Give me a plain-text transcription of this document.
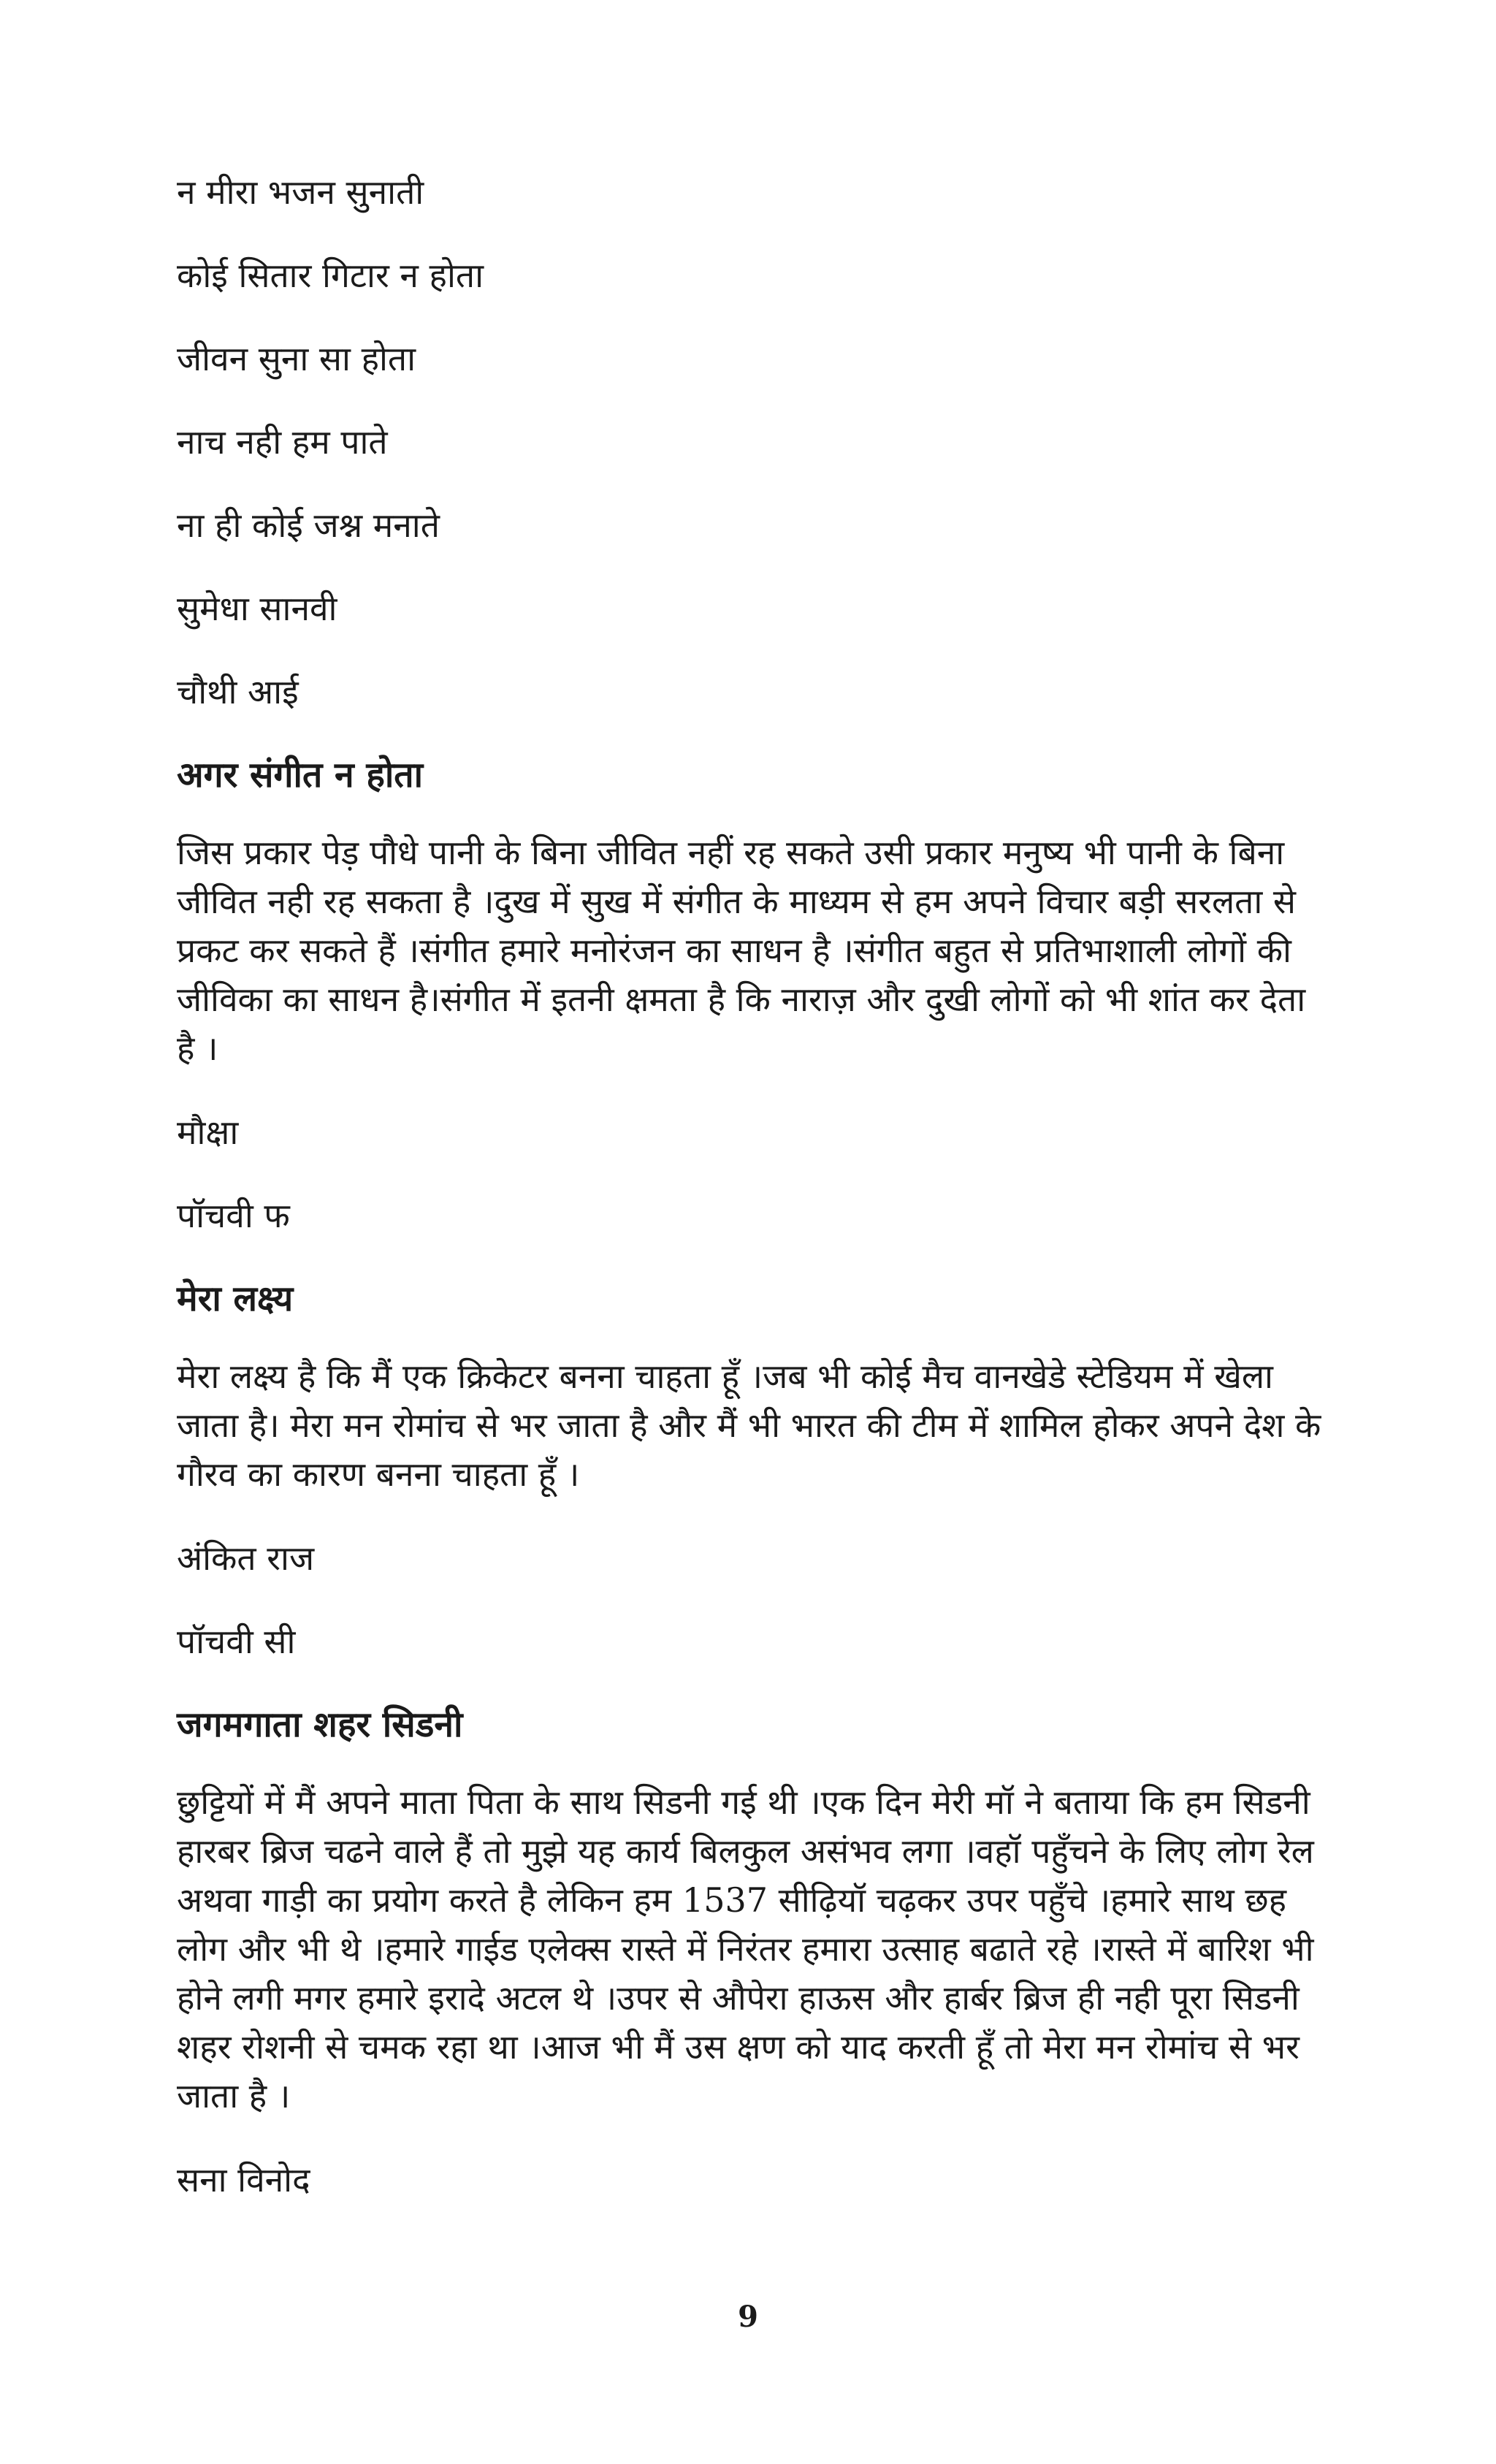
न मीरा भजन सुनाती
कोई सितार गिटार न होता
जीवन सुना सा होता
नाच नही हम पाते
ना ही कोई जश्न मनाते
सुमेधा सानवी
चौथी आई
अगर संगीत न होता
जिस प्रकार पेड़ पौधे पानी के बिना जीवित नहीं रह सकते उसी प्रकार मनुष्य भी पानी के बिना
जीवित नही रह सकता है ।दुख में सुख में संगीत के माध्यम से हम अपने विचार बड़ी सरलता से
प्रकट कर सकते हैं ।संगीत हमारे मनोरंजन का साधन है ।संगीत बहुत से प्रतिभाशाली लोगों की
जीविका का साधन है।संगीत में इतनी क्षमता है कि नाराज़ और दुखी लोगों को भी शांत कर देता
है ।
मौक्षा
पॉचवी फ
मेरा लक्ष्य
मेरा लक्ष्य है कि मैं एक क्रिकेटर बनना चाहता हूँ ।जब भी कोई मैच वानखेडे स्टेडियम में खेला
जाता है। मेरा मन रोमांच से भर जाता है और मैं भी भारत की टीम में शामिल होकर अपने देश के
गौरव का कारण बनना चाहता हूँ ।
अंकित राज
पॉचवी सी
जगमगाता शहर सिडनी
छुट्टियों में मैं अपने माता पिता के साथ सिडनी गई थी ।एक दिन मेरी मॉ ने बताया कि हम सिडनी
हारबर ब्रिज चढने वाले हैं तो मुझे यह कार्य बिलकुल असंभव लगा ।वहॉ पहुँचने के लिए लोग रेल
अथवा गाड़ी का प्रयोग करते है लेकिन हम 1537 सीढ़ियॉ चढ़कर उपर पहुँचे ।हमारे साथ छह
लोग और भी थे ।हमारे गाईड एलेक्स रास्ते में निरंतर हमारा उत्साह बढाते रहे ।रास्ते में बारिश भी
होने लगी मगर हमारे इरादे अटल थे ।उपर से औपेरा हाऊस और हार्बर ब्रिज ही नही पूरा सिडनी
शहर रोशनी से चमक रहा था ।आज भी मैं उस क्षण को याद करती हूँ तो मेरा मन रोमांच से भर
जाता है ।
सना विनोद
9
